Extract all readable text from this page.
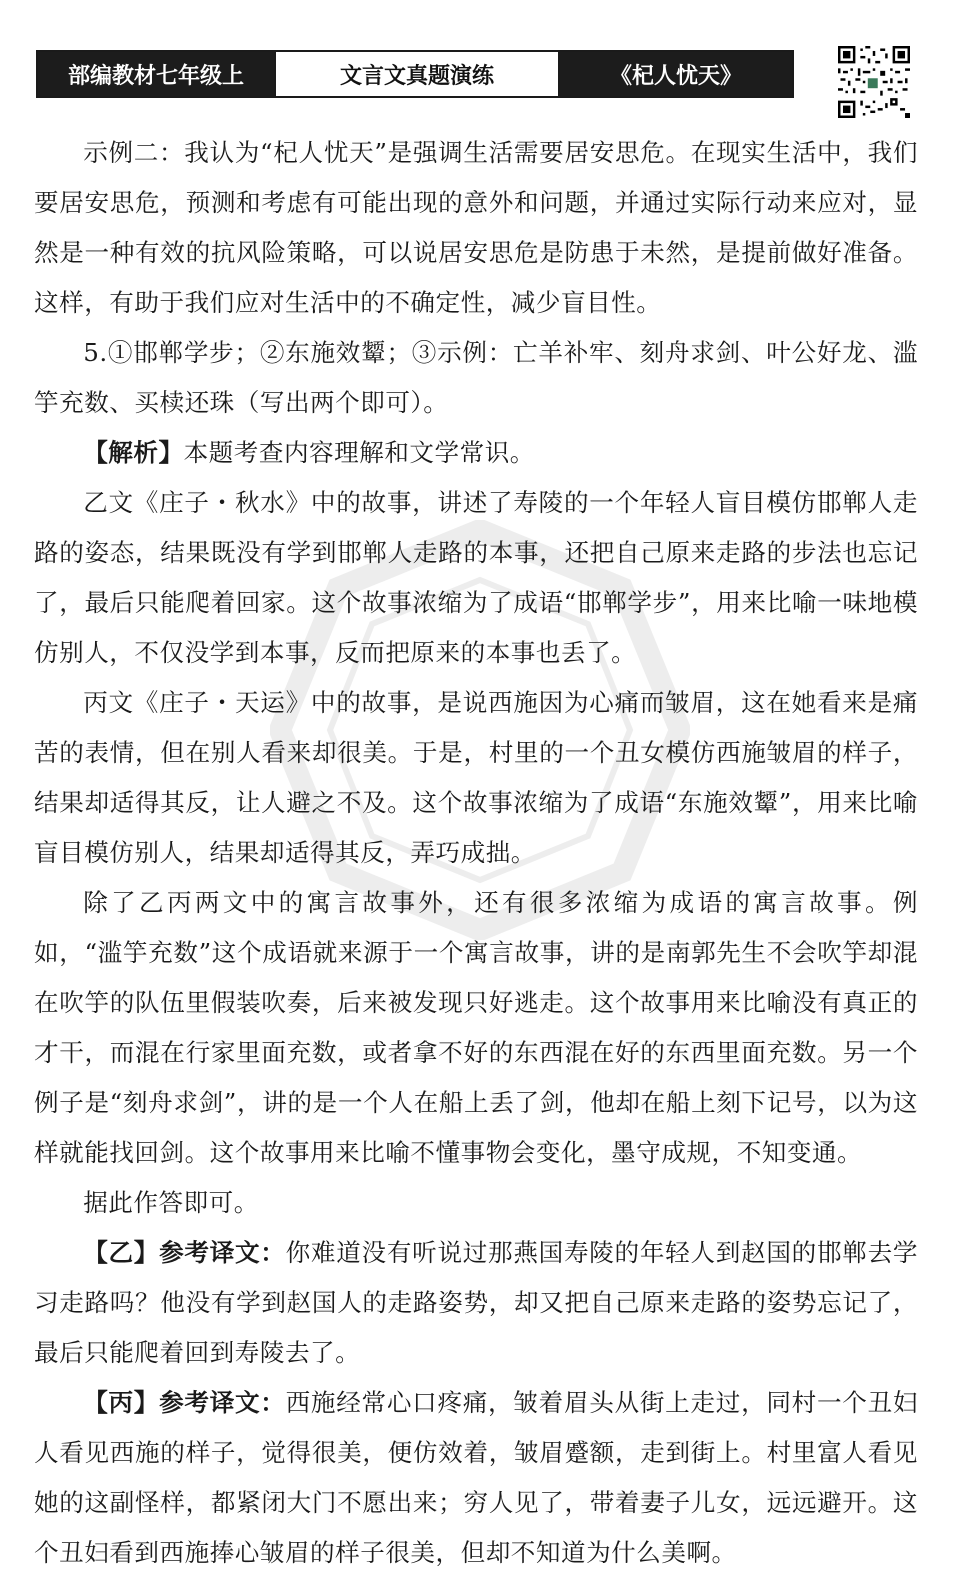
部编教材七年级上	文言文真题演练	《杞人忧天》

示例二：我认为“杞人忧天”是强调生活需要居安思危。在现实生活中，我们要居安思危，预测和考虑有可能出现的意外和问题，并通过实际行动来应对，显然是一种有效的抗风险策略，可以说居安思危是防患于未然，是提前做好准备。这样，有助于我们应对生活中的不确定性，减少盲目性。

5.①邯郸学步；②东施效颦；③示例：亡羊补牢、刻舟求剑、叶公好龙、滥竽充数、买椟还珠（写出两个即可）。

【解析】本题考查内容理解和文学常识。

乙文《庄子・秋水》中的故事，讲述了寿陵的一个年轻人盲目模仿邯郸人走路的姿态，结果既没有学到邯郸人走路的本事，还把自己原来走路的步法也忘记了，最后只能爬着回家。这个故事浓缩为了成语“邯郸学步”，用来比喻一味地模仿别人，不仅没学到本事，反而把原来的本事也丢了。

丙文《庄子・天运》中的故事，是说西施因为心痛而皱眉，这在她看来是痛苦的表情，但在别人看来却很美。于是，村里的一个丑女模仿西施皱眉的样子，结果却适得其反，让人避之不及。这个故事浓缩为了成语“东施效颦”，用来比喻盲目模仿别人，结果却适得其反，弄巧成拙。

除了乙丙两文中的寓言故事外，还有很多浓缩为成语的寓言故事。例如，“滥竽充数”这个成语就来源于一个寓言故事，讲的是南郭先生不会吹竽却混在吹竽的队伍里假装吹奏，后来被发现只好逃走。这个故事用来比喻没有真正的才干，而混在行家里面充数，或者拿不好的东西混在好的东西里面充数。另一个例子是“刻舟求剑”，讲的是一个人在船上丢了剑，他却在船上刻下记号，以为这样就能找回剑。这个故事用来比喻不懂事物会变化，墨守成规，不知变通。

据此作答即可。

【乙】参考译文：你难道没有听说过那燕国寿陵的年轻人到赵国的邯郸去学习走路吗？他没有学到赵国人的走路姿势，却又把自己原来走路的姿势忘记了，最后只能爬着回到寿陵去了。

【丙】参考译文：西施经常心口疼痛，皱着眉头从街上走过，同村一个丑妇人看见西施的样子，觉得很美，便仿效着，皱眉蹙额，走到街上。村里富人看见她的这副怪样，都紧闭大门不愿出来；穷人见了，带着妻子儿女，远远避开。这个丑妇看到西施捧心皱眉的样子很美，但却不知道为什么美啊。
